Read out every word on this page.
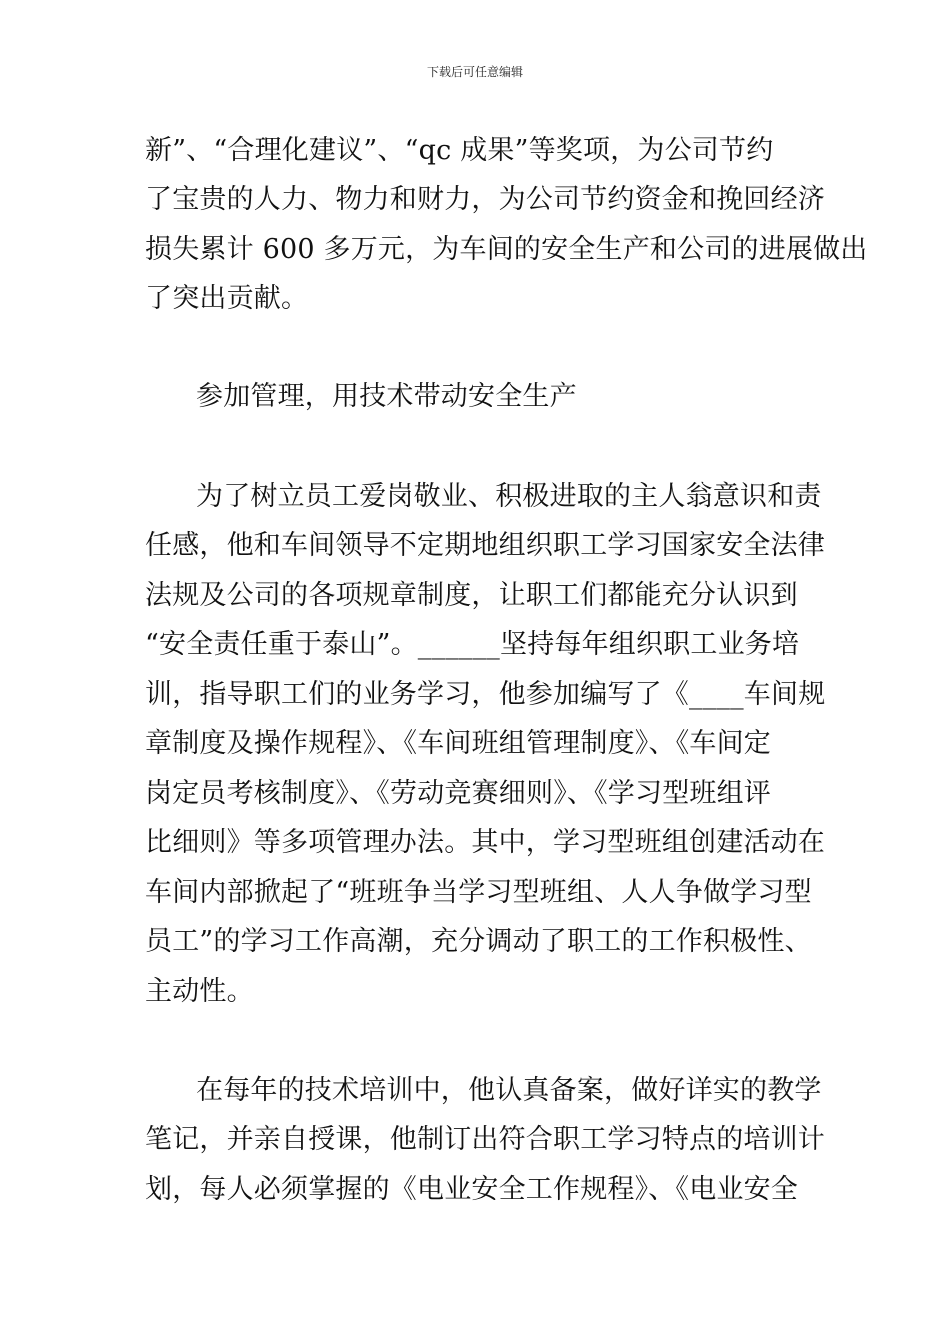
下载后可任意编辑
新”、“合理化建议”、“qc 成果”等奖项，为公司节约
了宝贵的人力、物力和财力，为公司节约资金和挽回经济
损失累计 600 多万元，为车间的安全生产和公司的进展做出
了突出贡献。
参加管理，用技术带动安全生产
为了树立员工爱岗敬业、积极进取的主人翁意识和责
任感，他和车间领导不定期地组织职工学习国家安全法律
法规及公司的各项规章制度，让职工们都能充分认识到
“安全责任重于泰山”。______坚持每年组织职工业务培
训，指导职工们的业务学习，他参加编写了《____车间规
章制度及操作规程》、《车间班组管理制度》、《车间定
岗定员考核制度》、《劳动竞赛细则》、《学习型班组评
比细则》等多项管理办法。其中，学习型班组创建活动在
车间内部掀起了“班班争当学习型班组、人人争做学习型
员工”的学习工作高潮，充分调动了职工的工作积极性、
主动性。
在每年的技术培训中，他认真备案，做好详实的教学
笔记，并亲自授课，他制订出符合职工学习特点的培训计
划，每人必须掌握的《电业安全工作规程》、《电业安全
